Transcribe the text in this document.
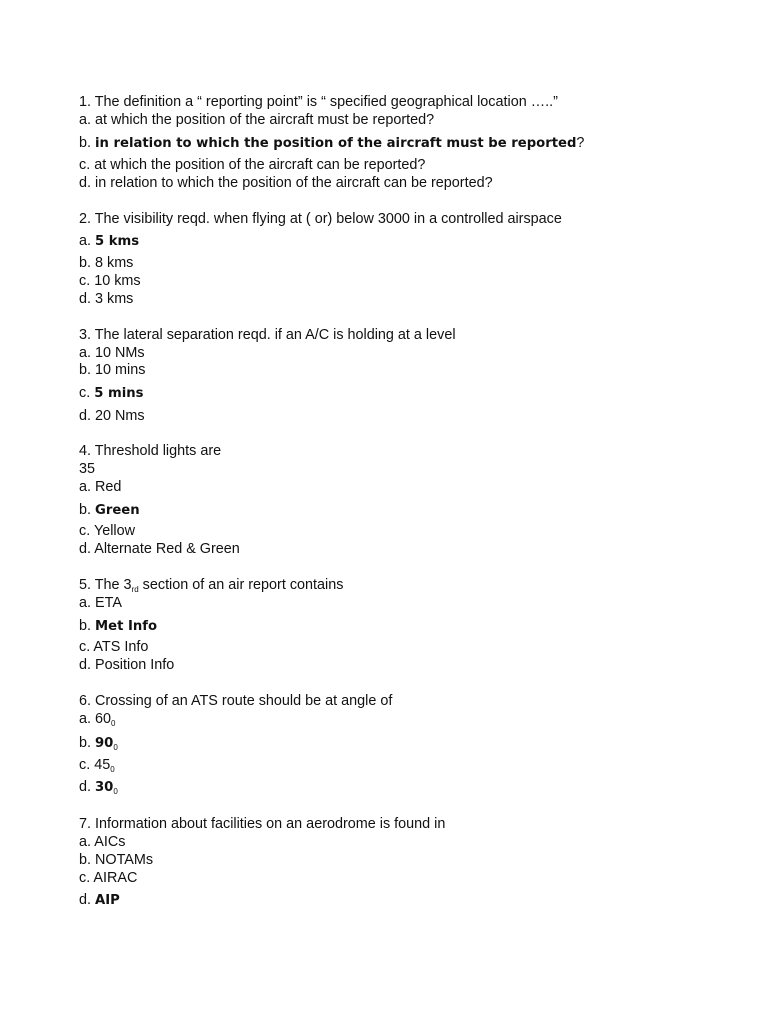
1. The definition a “ reporting point” is “ specified geographical location …..”
a. at which the position of the aircraft must be reported?
b. in relation to which the position of the aircraft must be reported?
c. at which the position of the aircraft can be reported?
d. in relation to which the position of the aircraft can be reported?
2. The visibility reqd. when flying at ( or) below 3000 in a controlled airspace
a. 5 kms
b. 8 kms
c. 10 kms
d. 3 kms
3. The lateral separation reqd. if an A/C is holding at a level
a. 10 NMs
b. 10 mins
c. 5 mins
d. 20 Nms
4. Threshold lights are
35
a. Red
b. Green
c. Yellow
d. Alternate Red & Green
5. The $3_{rd}$ section of an air report contains
a. ETA
b. Met Info
c. ATS Info
d. Position Info
6. Crossing of an ATS route should be at angle of
a. $60_0$
b. $90_0$
c. $45_0$
d. $30_0$
7. Information about facilities on an aerodrome is found in
a. AICs
b. NOTAMs
c. AIRAC
d. AIP
